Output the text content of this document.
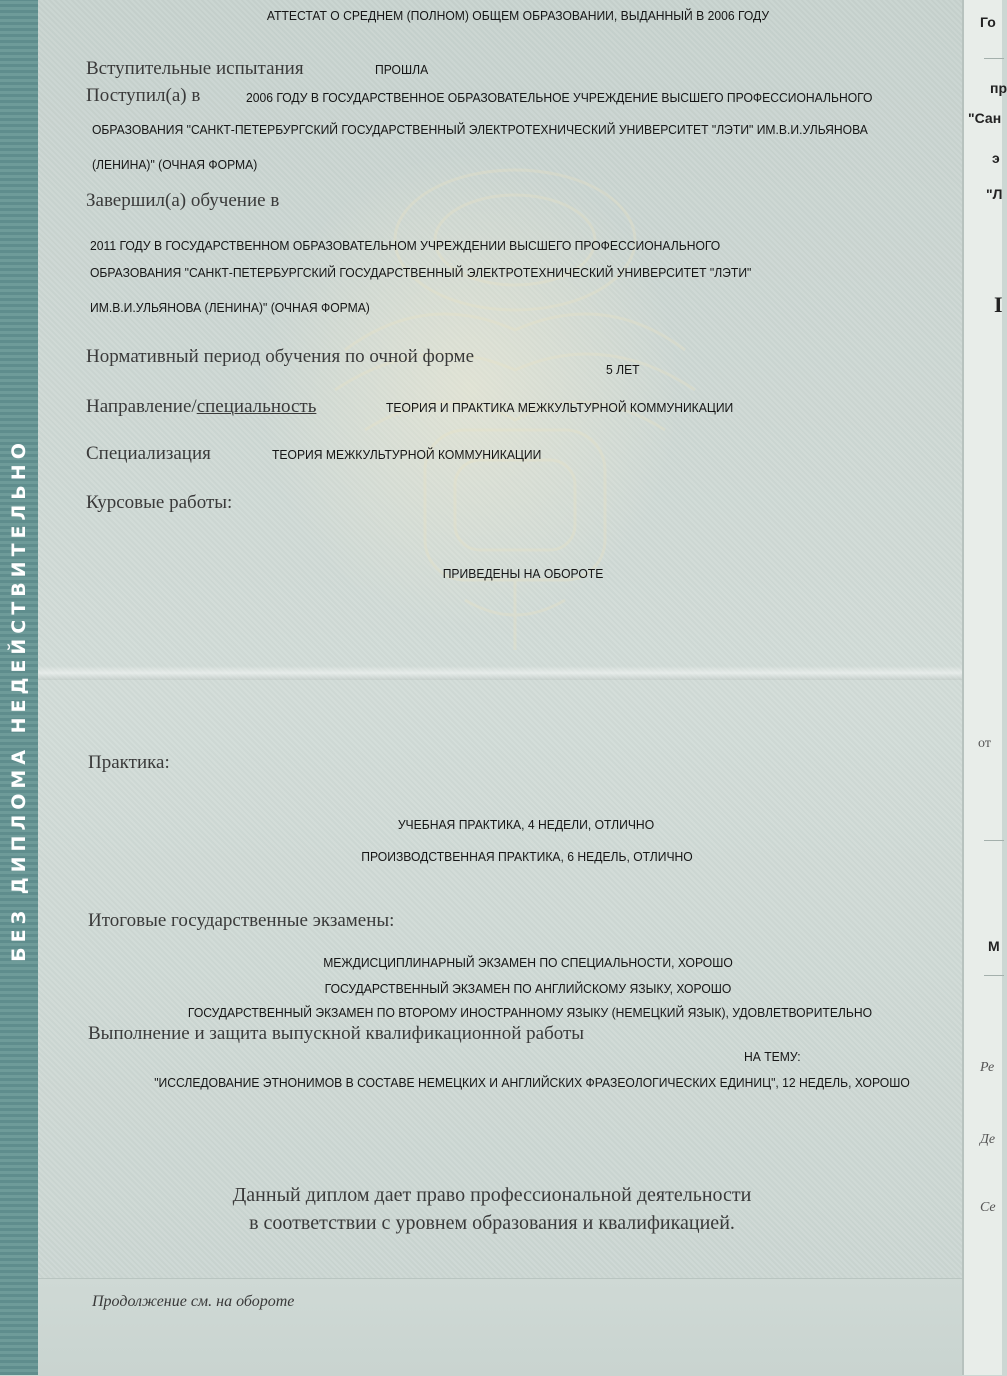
БЕЗ ДИПЛОМА НЕДЕЙСТВИТЕЛЬНО
АТТЕСТАТ О СРЕДНЕМ (ПОЛНОМ) ОБЩЕМ ОБРАЗОВАНИИ, ВЫДАННЫЙ В 2006 ГОДУ
Вступительные испытания	ПРОШЛА
Поступил(а) в	2006 ГОДУ В ГОСУДАРСТВЕННОЕ ОБРАЗОВАТЕЛЬНОЕ УЧРЕЖДЕНИЕ ВЫСШЕГО ПРОФЕССИОНАЛЬНОГО
ОБРАЗОВАНИЯ "САНКТ-ПЕТЕРБУРГСКИЙ ГОСУДАРСТВЕННЫЙ ЭЛЕКТРОТЕХНИЧЕСКИЙ УНИВЕРСИТЕТ "ЛЭТИ" ИМ.В.И.УЛЬЯНОВА
(ЛЕНИНА)" (ОЧНАЯ ФОРМА)
Завершил(а) обучение в
2011 ГОДУ В ГОСУДАРСТВЕННОМ ОБРАЗОВАТЕЛЬНОМ УЧРЕЖДЕНИИ ВЫСШЕГО ПРОФЕССИОНАЛЬНОГО
ОБРАЗОВАНИЯ "САНКТ-ПЕТЕРБУРГСКИЙ ГОСУДАРСТВЕННЫЙ ЭЛЕКТРОТЕХНИЧЕСКИЙ УНИВЕРСИТЕТ "ЛЭТИ"
ИМ.В.И.УЛЬЯНОВА (ЛЕНИНА)" (ОЧНАЯ ФОРМА)
Нормативный период обучения по очной форме
5 ЛЕТ
Направление/специальность	ТЕОРИЯ И ПРАКТИКА МЕЖКУЛЬТУРНОЙ КОММУНИКАЦИИ
Специализация	ТЕОРИЯ МЕЖКУЛЬТУРНОЙ КОММУНИКАЦИИ
Курсовые работы:
ПРИВЕДЕНЫ НА ОБОРОТЕ
Практика:
УЧЕБНАЯ ПРАКТИКА, 4 НЕДЕЛИ, ОТЛИЧНО
ПРОИЗВОДСТВЕННАЯ ПРАКТИКА, 6 НЕДЕЛЬ, ОТЛИЧНО
Итоговые государственные экзамены:
МЕЖДИСЦИПЛИНАРНЫЙ ЭКЗАМЕН ПО СПЕЦИАЛЬНОСТИ, ХОРОШО
ГОСУДАРСТВЕННЫЙ ЭКЗАМЕН ПО АНГЛИЙСКОМУ ЯЗЫКУ, ХОРОШО
ГОСУДАРСТВЕННЫЙ ЭКЗАМЕН ПО ВТОРОМУ ИНОСТРАННОМУ ЯЗЫКУ (НЕМЕЦКИЙ ЯЗЫК), УДОВЛЕТВОРИТЕЛЬНО
Выполнение и защита выпускной квалификационной работы
НА ТЕМУ:
"ИССЛЕДОВАНИЕ ЭТНОНИМОВ В СОСТАВЕ НЕМЕЦКИХ И АНГЛИЙСКИХ ФРАЗЕОЛОГИЧЕСКИХ ЕДИНИЦ", 12 НЕДЕЛЬ, ХОРОШО
Данный диплом дает право профессиональной деятельности
в соответствии с уровнем образования и квалификацией.
Продолжение см. на обороте
Го
пр
"Сан
э
"Л
I
от
М
Ре
Де
Се
